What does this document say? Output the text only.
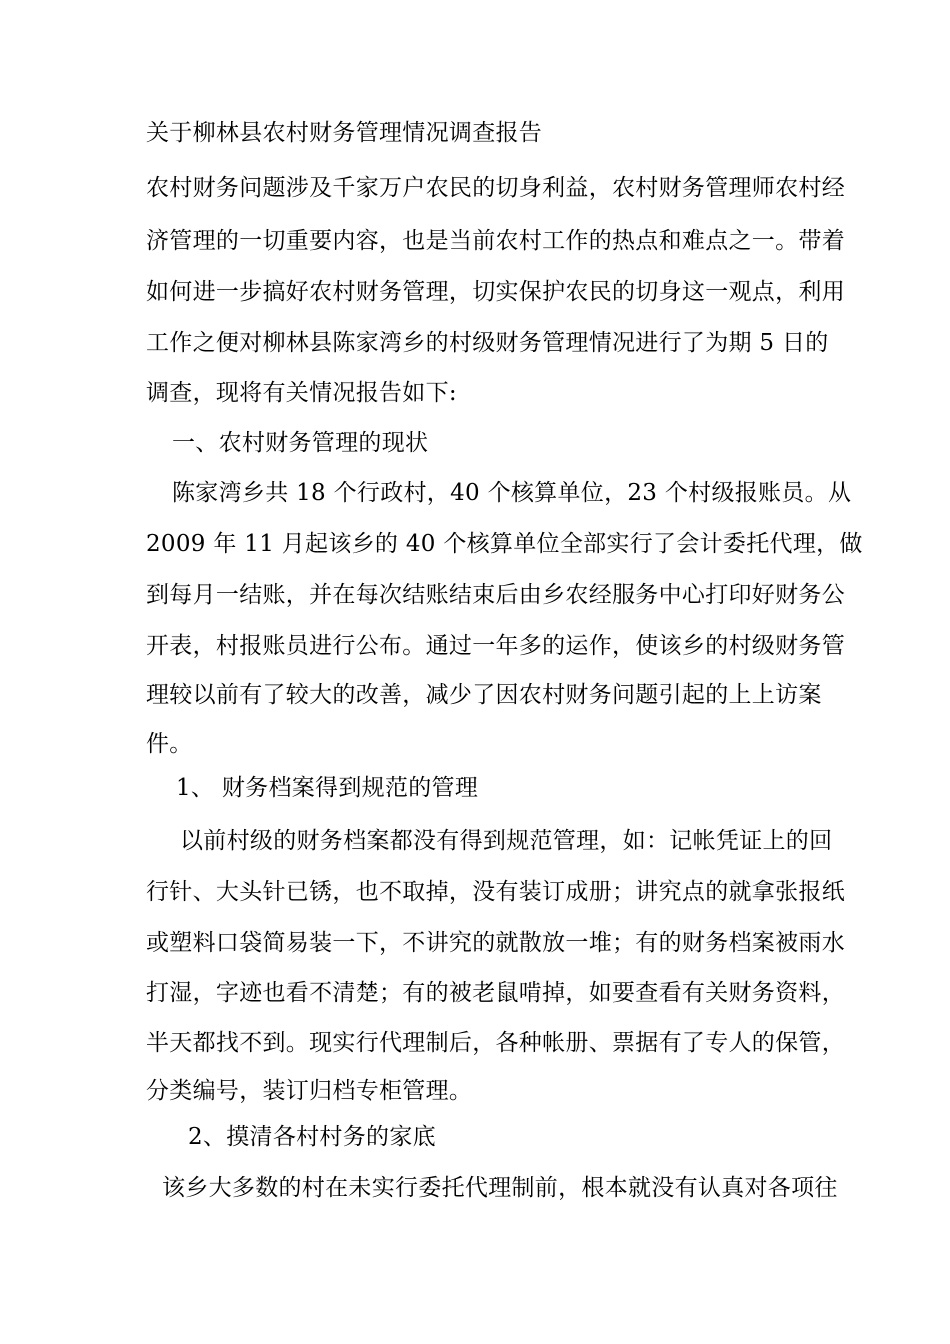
关于柳林县农村财务管理情况调查报告

农村财务问题涉及千家万户农民的切身利益，农村财务管理师农村经

济管理的一切重要内容，也是当前农村工作的热点和难点之一。带着

如何进一步搞好农村财务管理，切实保护农民的切身这一观点，利用

工作之便对柳林县陈家湾乡的村级财务管理情况进行了为期 5 日的

调查，现将有关情况报告如下:

一、农村财务管理的现状

陈家湾乡共 18 个行政村，40 个核算单位，23 个村级报账员。从

2009 年 11 月起该乡的 40 个核算单位全部实行了会计委托代理，做

到每月一结账，并在每次结账结束后由乡农经服务中心打印好财务公

开表，村报账员进行公布。通过一年多的运作，使该乡的村级财务管

理较以前有了较大的改善，减少了因农村财务问题引起的上上访案

件。

1、 财务档案得到规范的管理

以前村级的财务档案都没有得到规范管理，如：记帐凭证上的回

行针、大头针已锈，也不取掉，没有装订成册；讲究点的就拿张报纸

或塑料口袋简易装一下，不讲究的就散放一堆；有的财务档案被雨水

打湿，字迹也看不清楚；有的被老鼠啃掉，如要查看有关财务资料，

半天都找不到。现实行代理制后，各种帐册、票据有了专人的保管，

分类编号，装订归档专柜管理。

2、摸清各村村务的家底

该乡大多数的村在未实行委托代理制前，根本就没有认真对各项往
